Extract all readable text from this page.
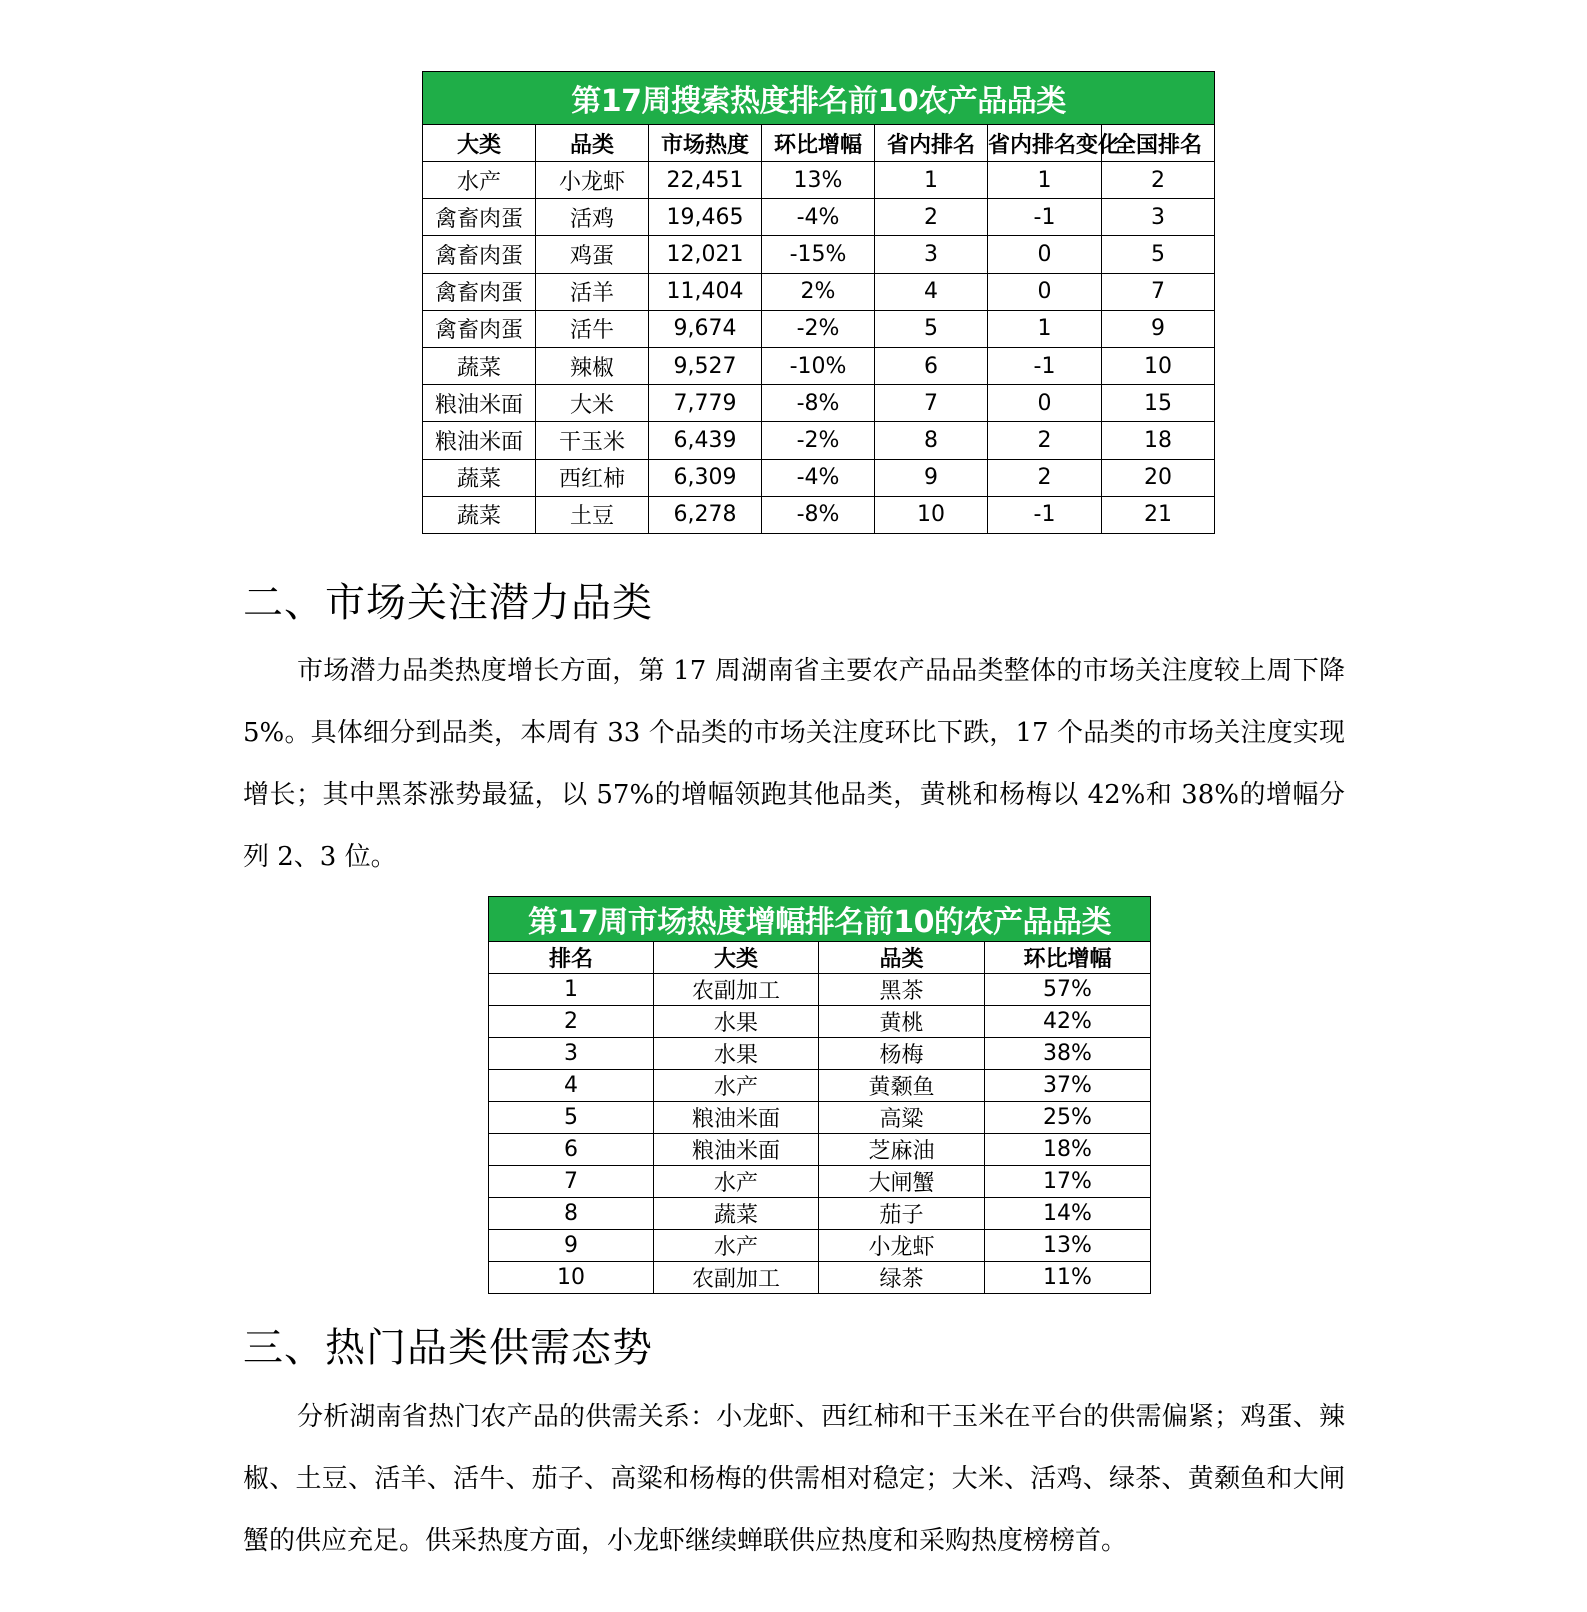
第17周搜索热度排名前10农产品品类						
大类	品类	市场热度	环比增幅	省内排名	省内排名变化	全国排名
水产	小龙虾	22,451	13%	1	1	2
禽畜肉蛋	活鸡	19,465	-4%	2	-1	3
禽畜肉蛋	鸡蛋	12,021	-15%	3	0	5
禽畜肉蛋	活羊	11,404	2%	4	0	7
禽畜肉蛋	活牛	9,674	-2%	5	1	9
蔬菜	辣椒	9,527	-10%	6	-1	10
粮油米面	大米	7,779	-8%	7	0	15
粮油米面	干玉米	6,439	-2%	8	2	18
蔬菜	西红柿	6,309	-4%	9	2	20
蔬菜	土豆	6,278	-8%	10	-1	21
二、市场关注潜力品类

市场潜力品类热度增长方面，第 17 周湖南省主要农产品品类整体的市场关注度较上周下降 5%。具体细分到品类，本周有 33 个品类的市场关注度环比下跌，17 个品类的市场关注度实现增长；其中黑茶涨势最猛，以 57%的增幅领跑其他品类，黄桃和杨梅以 42%和 38%的增幅分列 2、3 位。

第17周市场热度增幅排名前10的农产品品类			
排名	大类	品类	环比增幅
1	农副加工	黑茶	57%
2	水果	黄桃	42%
3	水果	杨梅	38%
4	水产	黄颡鱼	37%
5	粮油米面	高粱	25%
6	粮油米面	芝麻油	18%
7	水产	大闸蟹	17%
8	蔬菜	茄子	14%
9	水产	小龙虾	13%
10	农副加工	绿茶	11%
三、热门品类供需态势

分析湖南省热门农产品的供需关系：小龙虾、西红柿和干玉米在平台的供需偏紧；鸡蛋、辣椒、土豆、活羊、活牛、茄子、高粱和杨梅的供需相对稳定；大米、活鸡、绿茶、黄颡鱼和大闸蟹的供应充足。供采热度方面，小龙虾继续蝉联供应热度和采购热度榜榜首。
